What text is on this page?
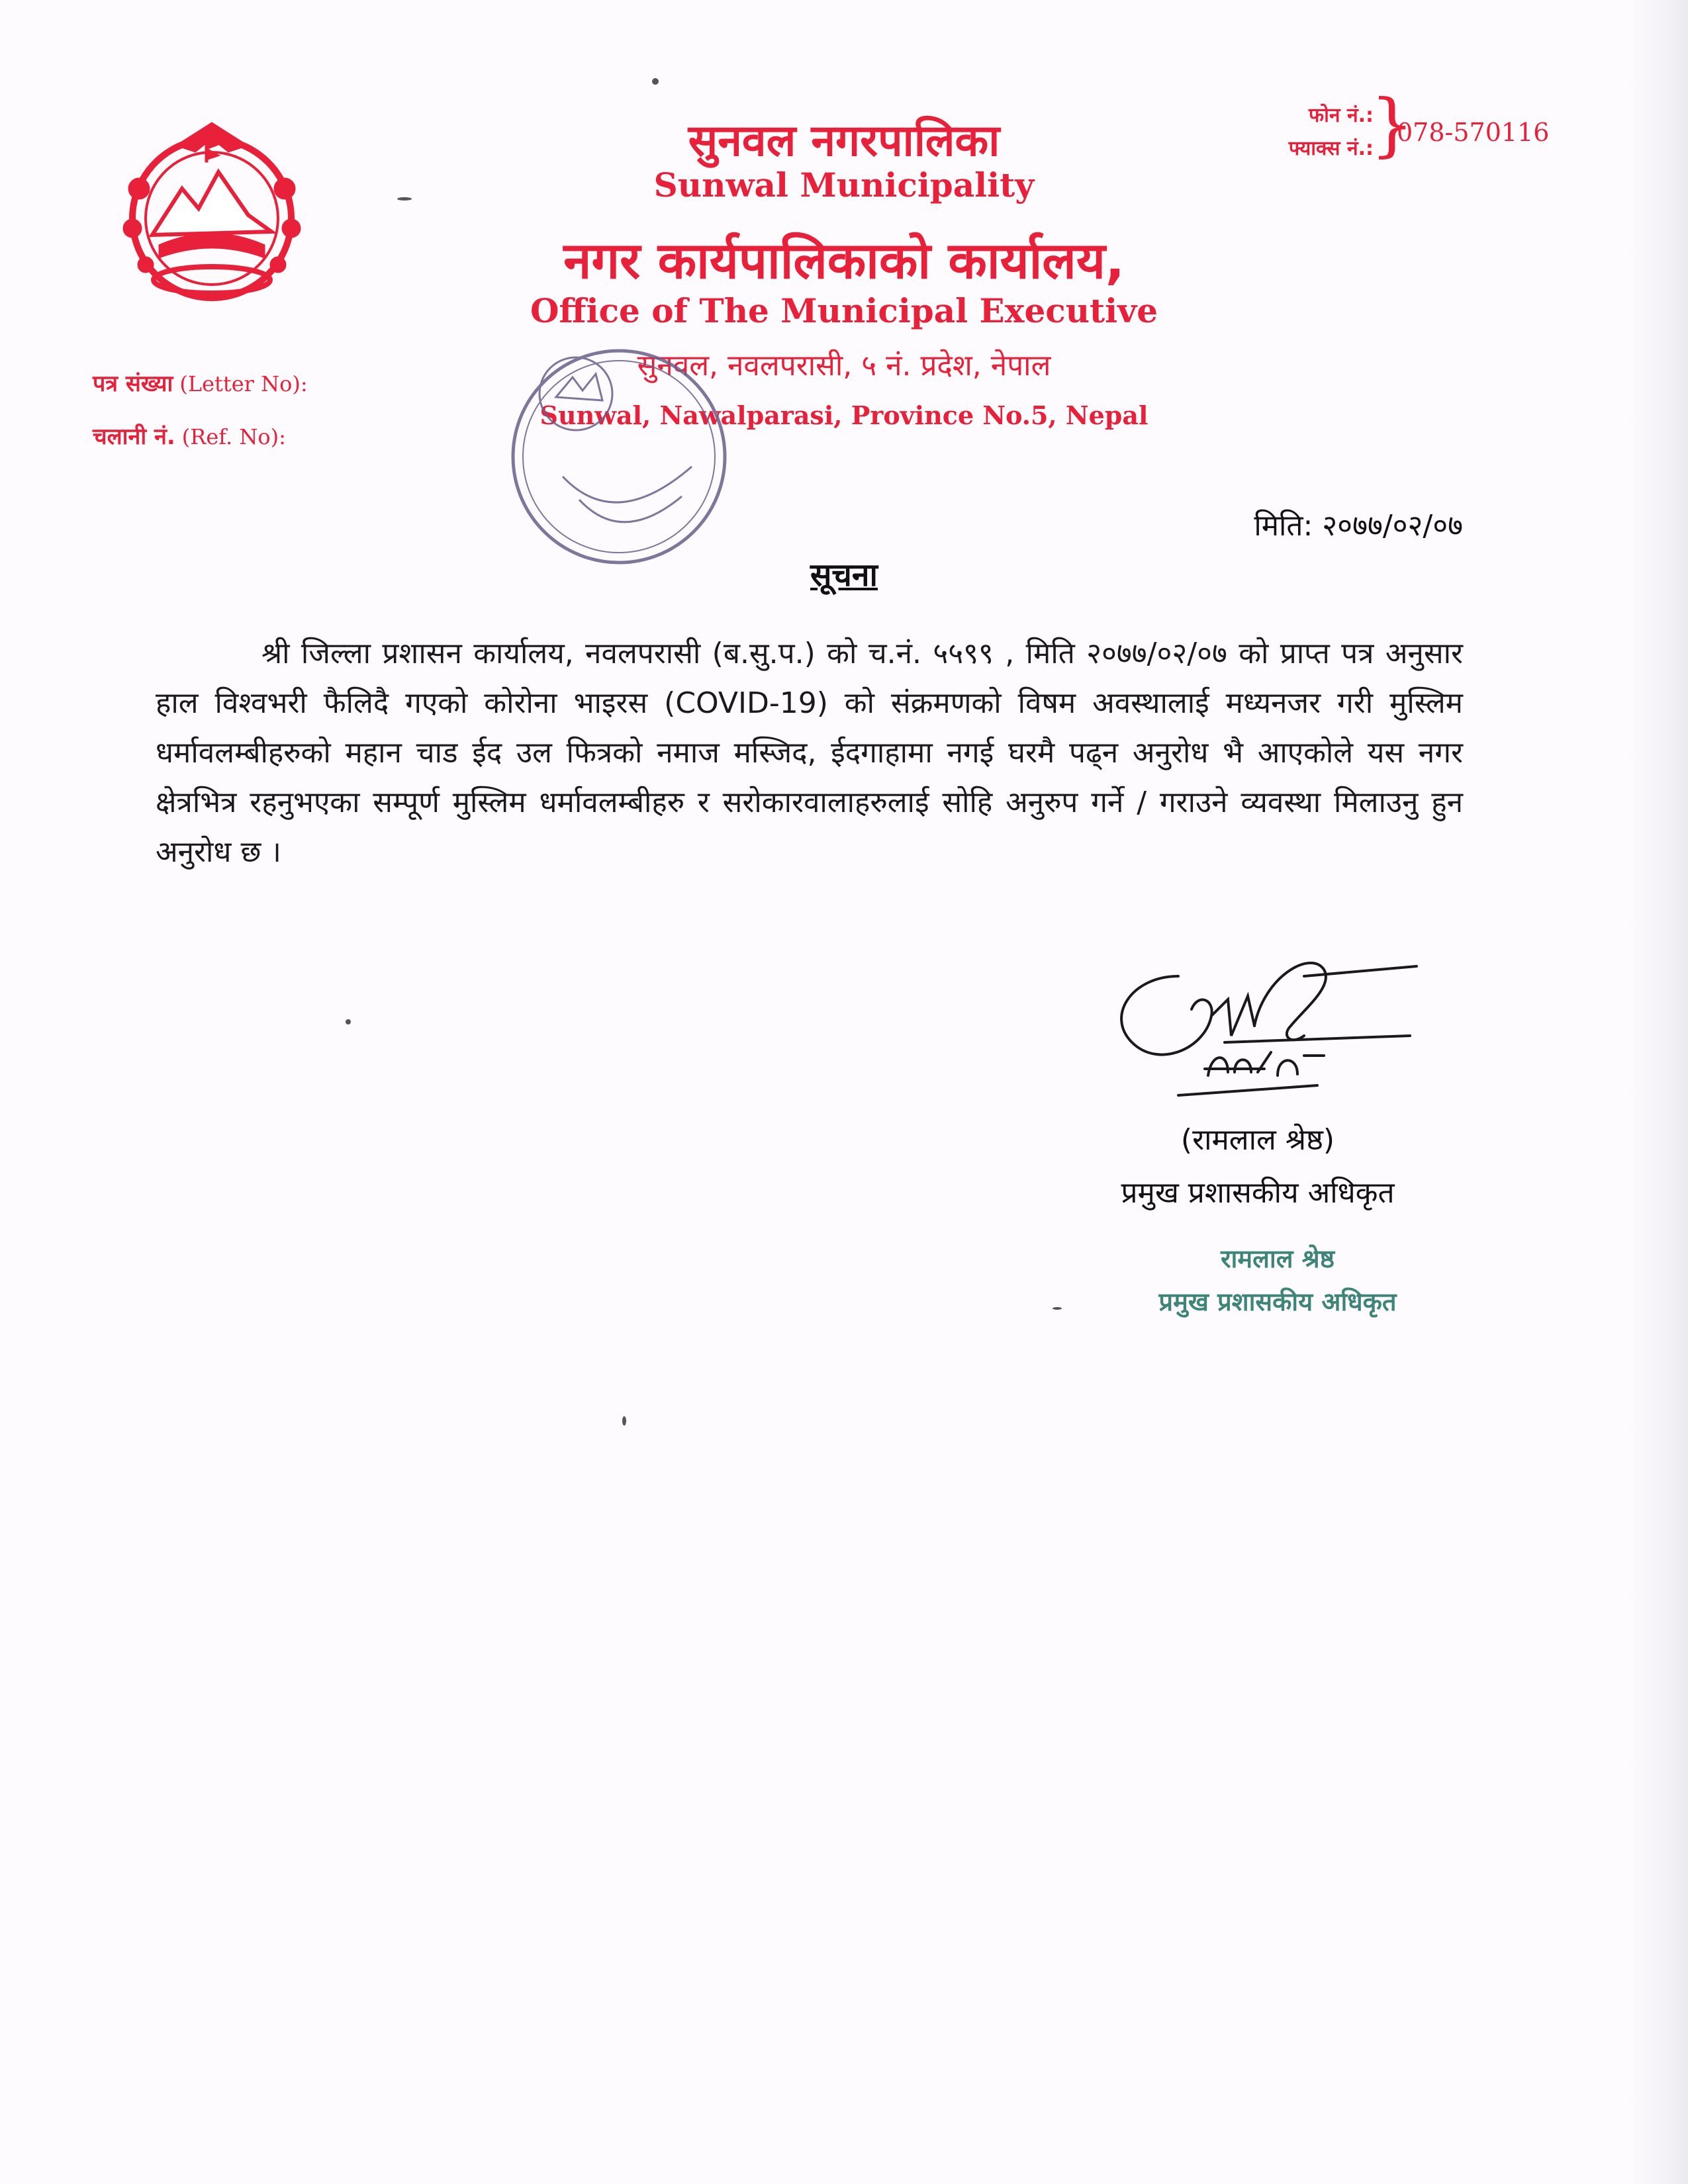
सुनवल नगरपालिका
Sunwal Municipality
नगर कार्यपालिकाको कार्यालय,
Office of The Municipal Executive
सुनवल, नवलपरासी, ५ नं. प्रदेश, नेपाल
Sunwal, Nawalparasi, Province No.5, Nepal
फोन नं.:
फ्याक्स नं.:
}
078-570116
पत्र संख्या (Letter No):
चलानी नं. (Ref. No):
मिति: २०७७/०२/०७
सूचना
श्री जिल्ला प्रशासन कार्यालय, नवलपरासी (ब.सु.प.) को च.नं. ५५९९ , मिति २०७७/०२/०७ को प्राप्त पत्र अनुसार हाल विश्वभरी फैलिदै गएको कोरोना भाइरस (COVID-19) को संक्रमणको विषम अवस्थालाई मध्यनजर गरी मुस्लिम धर्मावलम्बीहरुको महान चाड ईद उल फित्रको नमाज मस्जिद, ईदगाहामा नगई घरमै पढ्न अनुरोध भै आएकोले यस नगर क्षेत्रभित्र रहनुभएका सम्पूर्ण मुस्लिम धर्मावलम्बीहरु र सरोकारवालाहरुलाई सोहि अनुरुप गर्ने / गराउने व्यवस्था मिलाउनु हुन अनुरोध छ ।
(रामलाल श्रेष्ठ)
प्रमुख प्रशासकीय अधिकृत
रामलाल श्रेष्ठ
प्रमुख प्रशासकीय अधिकृत
